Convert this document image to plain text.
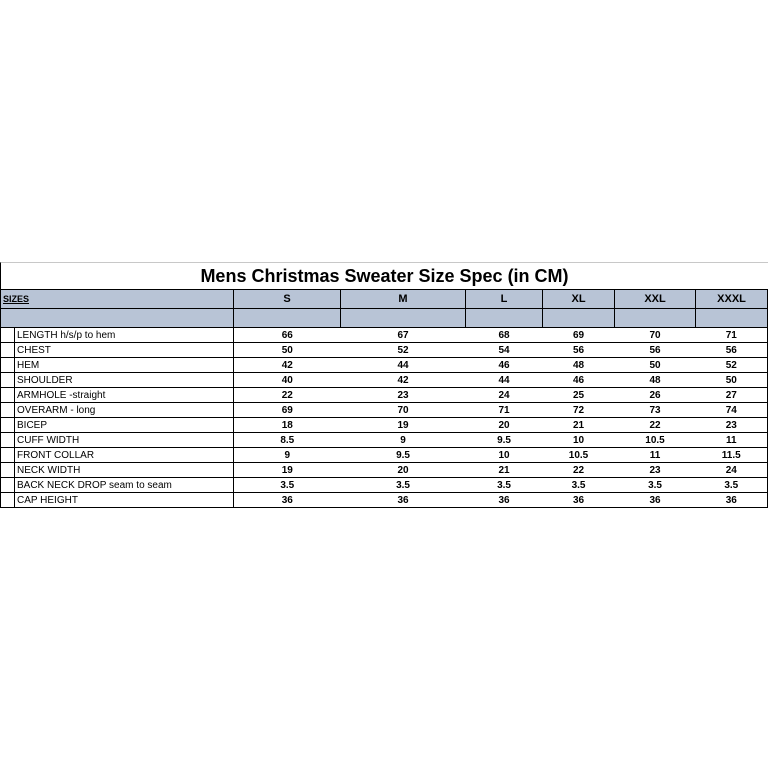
Mens Christmas Sweater Size Spec (in CM)
SIZES		S	M	L	XL	XXL	XXXL

	LENGTH h/s/p to hem	66	67	68	69	70	71
	CHEST	50	52	54	56	56	56
	HEM	42	44	46	48	50	52
	SHOULDER	40	42	44	46	48	50
	ARMHOLE -straight	22	23	24	25	26	27
	OVERARM - long	69	70	71	72	73	74
	BICEP	18	19	20	21	22	23
	CUFF WIDTH	8.5	9	9.5	10	10.5	11
	FRONT COLLAR	9	9.5	10	10.5	11	11.5
	NECK WIDTH	19	20	21	22	23	24
	BACK NECK DROP seam to seam	3.5	3.5	3.5	3.5	3.5	3.5
	CAP HEIGHT	36	36	36	36	36	36
